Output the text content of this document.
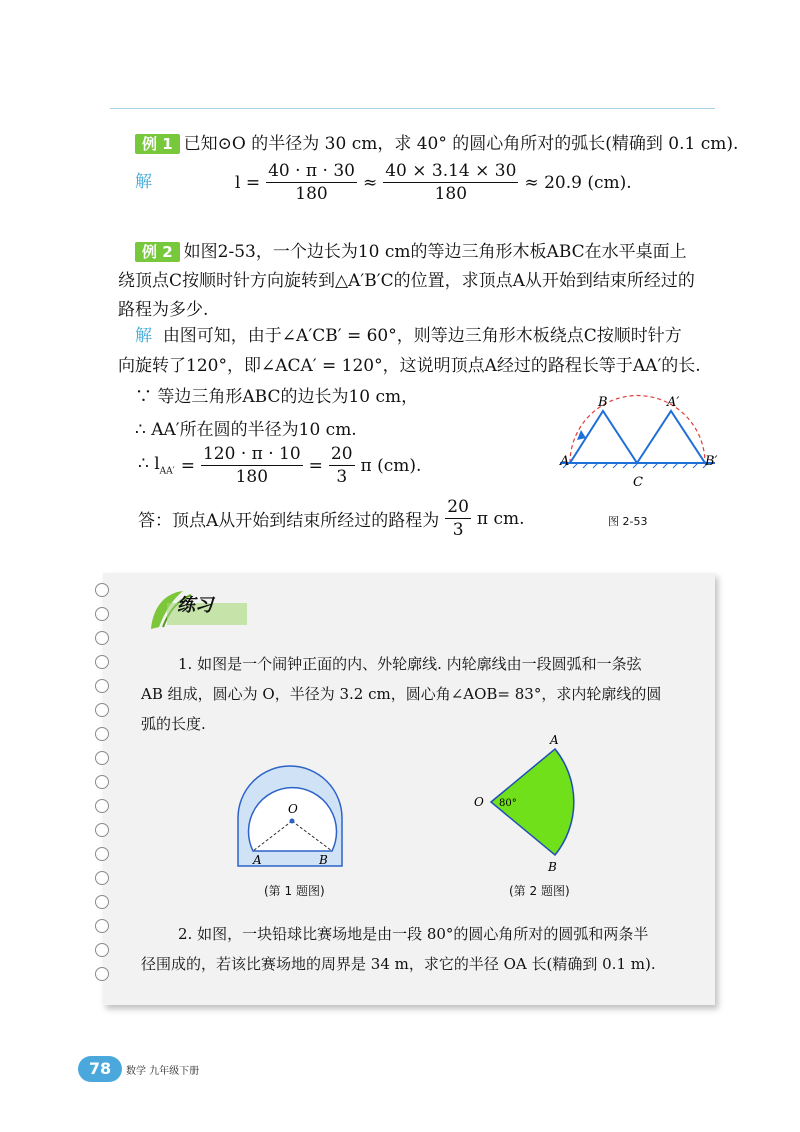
例 1 已知⊙O 的半径为 30 cm，求 40° 的圆心角所对的弧长(精确到 0.1 cm).
解	$l = \frac{40 \cdot \pi \cdot 30}{180} \approx \frac{40 \times 3.14 \times 30}{180} \approx 20.9$ (cm).
例 2 如图2-53，一个边长为10 cm的等边三角形木板ABC在水平桌面上
绕顶点C按顺时针方向旋转到△A′B′C的位置，求顶点A从开始到结束所经过的
路程为多少.
解 由图可知，由于∠A′CB′ = 60°，则等边三角形木板绕点C按顺时针方
向旋转了120°，即∠ACA′ = 120°，这说明顶点A经过的路程长等于AA′的长.
∵ 等边三角形ABC的边长为10 cm，
∴ AA′所在圆的半径为10 cm.
∴ $l_{AA'} = \frac{120 \cdot \pi \cdot 10}{180} = \frac{20}{3}$ π (cm).
答：顶点A从开始到结束所经过的路程为 $\frac{20}{3}$ π cm.
B	A′
A
C
B′
图 2-53
练习
1. 如图是一个闹钟正面的内、外轮廓线. 内轮廓线由一段圆弧和一条弦
AB 组成，圆心为 O，半径为 3.2 cm，圆心角∠AOB= 83°，求内轮廓线的圆
弧的长度.
O
A	B
(第 1 题图)
O 80°
A
B
(第 2 题图)
2. 如图，一块铅球比赛场地是由一段 80°的圆心角所对的圆弧和两条半
径围成的，若该比赛场地的周界是 34 m，求它的半径 OA 长(精确到 0.1 m).
78	数学 九年级下册
